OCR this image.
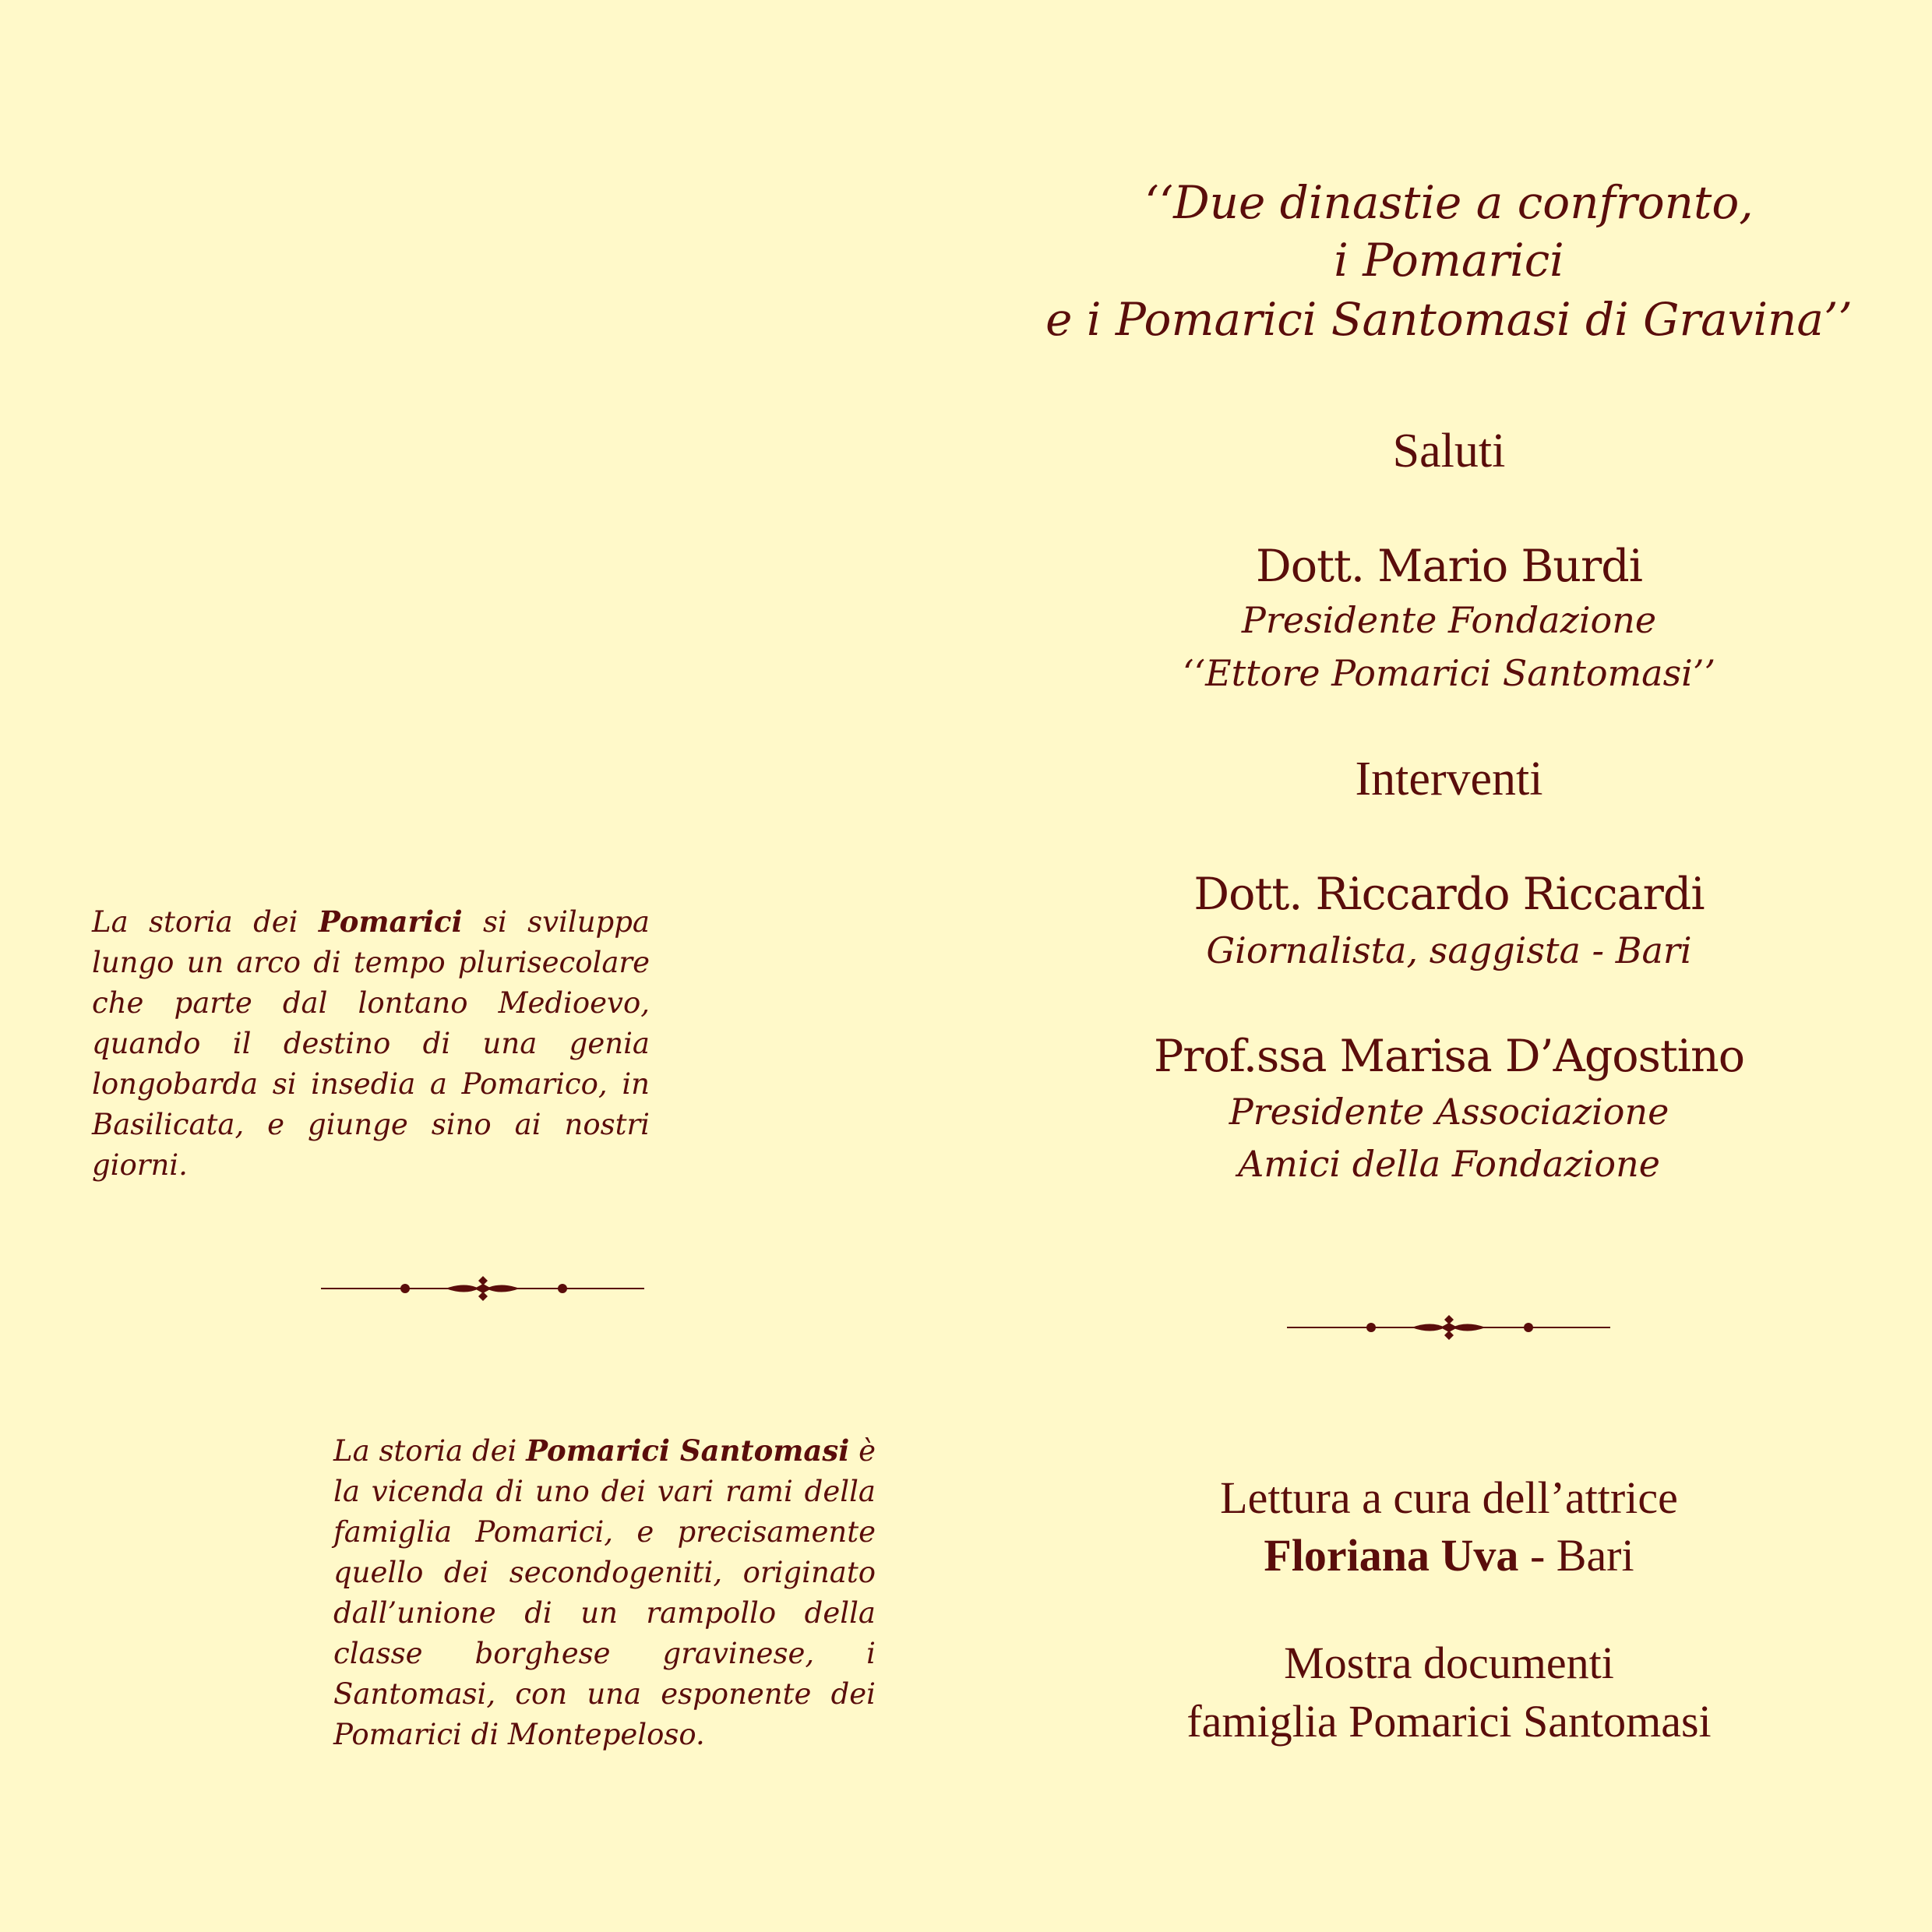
La storia dei Pomarici si sviluppa lungo un arco di tempo plurisecolare che parte dal lontano Medioevo, quando il destino di una genia longobarda si insedia a Pomarico, in Basilicata, e giunge sino ai nostri giorni.

La storia dei Pomarici Santomasi è la vicenda di uno dei vari rami della famiglia Pomarici, e precisamente quello dei secondogeniti, originato dall’unione di un rampollo della classe borghese gravinese, i Santomasi, con una esponente dei Pomarici di Montepeloso.

‘‘Due dinastie a confronto,

i Pomarici

e i Pomarici Santomasi di Gravina’’

Saluti

Dott. Mario Burdi

Presidente Fondazione

‘‘Ettore Pomarici Santomasi’’

Interventi

Dott. Riccardo Riccardi

Giornalista, saggista - Bari

Prof.ssa Marisa D’Agostino

Presidente Associazione

Amici della Fondazione

Lettura a cura dell’attrice

Floriana Uva - Bari

Mostra documenti

famiglia Pomarici Santomasi
